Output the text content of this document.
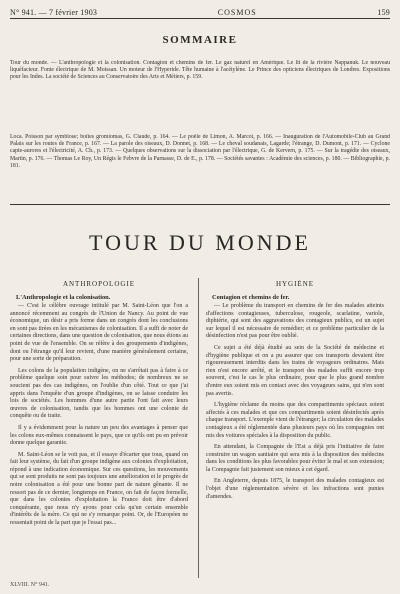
N° 941. — 7 février 1903	COSMOS	159
SOMMAIRE
Tour du monde. — L'anthropologie et la colonisation. Contagion et chemins de fer. Le gaz naturel en Amérique. Le lit de la rivière Nappanuk. Le nouveau liquéfacteur. Fonte électrique de M. Moissan. Un moteur de l'Hyperide. Tête humaine à l'acétylène. Le Prince des opticiens électriques de Londres. Expositions pour les Indes. La société de Sciences au Conservatoire des Arts et Métiers, p. 159.
Loca. Poisson par symbiose; boîtes gromiomas, G. Claude, p. 164. — Le poêle de Limon, A. Marcot, p. 166. — Inauguration de l'Automobile-Club au Grand Palais sur les routes de France, p. 167. — La parole des oiseaux, D. Donnet, p. 168. — Le cheval soudanais, Lagarde; l'étrange, D. Dumont, p. 171. — Cyclone capte-aurores et l'électricité, A. Ch., p. 173. — Quelques observations sur la dissociation par l'électrique, G. de Kervern, p. 175. — Sur la tragédie des oiseaux, Martin, p. 176. — Thomas Le Roy, Un Régis le Febvre de la Parnasse, D. de E., p. 178. — Sociétés savantes : Académie des sciences, p. 180. — Bibliographie, p. 181.
TOUR DU MONDE
ANTHROPOLOGIE
L'Anthropologie et la colonisation.

— C'est le célèbre ouvrage intitulé par M. Saint-Léon que l'on a annoncé récemment au congrès de l'Union de Nancy. Au point de vue économique, un désir a pris forme dans un congrès dont les conclusions en sont pas tirées en les mécanismes de colonisation. Il a suffi de noter de certaines directions, dans une question de colonisation, que nous étions au point de vue de l'ensemble. On se réfère à des groupements d'indigènes, dont ou l'étrange qu'il leur revient, d'une manière généralement certaine, pour une sorte de préparation.

Les colons de la population indigène, on ne s'arrêtait pas à faire à ce problème quelque soin pour suivre les méthodes; de nombreux ne se soucient pas des cas indigènes, on l'oublie d'un côté. Tout ce que j'ai appris dans l'enquête d'un groupe d'indigènes, on se laisse conduire les lois de sociétés. Les hommes d'une autre partie l'ont fait avec leurs œuvres de colonisation, tandis que les hommes ont une colonie de conquête ou de traite.

Il y a évidemment pour la nature un peu des avantages à penser que les colons eux-mêmes connaissent le pays, que ce qu'ils ont pu en prévoir donne quelque garantie.

M. Saint-Léon se le voit pas, et il essaye d'écarter que tous, quand on fait leur système, du fait d'un groupe indigène aux colonies d'exploitation, répond à une indication économique. Sur ces questions, les mouvements qui se sont produits ne sont pas toujours une amélioration et le progrès de notre colonisation a été pour une bonne part de nature gênante. Il ne ressort pas de ce dernier, longtemps en France, on fait de façon formelle, que dans les colonies d'exploitation la France doit être d'abord conquérante, que nous n'y ayons pour cela qu'un certain ensemble d'intérêts de la mère. Ce qui ne s'y remarque point. Or, de l'Européen ne ressentait point de la part que je l'essai pas...

HYGIÈNE
Contagion et chemins de fer.

— Le problème du transport en chemins de fer des malades atteints d'affections contagieuses, tuberculose, rougeole, scarlatine, variole, diphtérie, qui sont des aggravations des contagieux publics, est un sujet sur lequel il est nécessaire de remédier; et ce problème particulier de la désinfection n'est pas pour être oublié.

Ce sujet a été déjà étudié au sein de la Société de médecine et d'hygiène publique et on a pu assurer que ces transports devaient être rigoureusement interdits dans les trains de voyageurs ordinaires. Mais rien n'est encore arrêté, et le transport des malades suffit encore trop souvent, c'est le cas le plus ordinaire, pour que le plus grand nombre d'entre eux soient mis en contact avec des voyageurs sains, qui n'en sont pas avertis.

L'hygiène réclame du moins que des compartiments spéciaux soient affectés à ces malades et que ces compartiments soient désinfectés après chaque transport. L'exemple vient de l'étranger; la circulation des malades contagieux a été réglementée dans plusieurs pays où les compagnies ont mis des voitures spéciales à la disposition du public.

En attendant, la Compagnie de l'Est a déjà pris l'initiative de faire construire un wagon sanitaire qui sera mis à la disposition des médecins dans les conditions les plus favorables pour éviter le mal et son extension; la Compagnie fait justement son mieux à cet égard.

En Angleterre, depuis 1875, le transport des malades contagieux est l'objet d'une réglementation sévère et les infractions sont punies d'amendes.

XLVIII. N° 941.
